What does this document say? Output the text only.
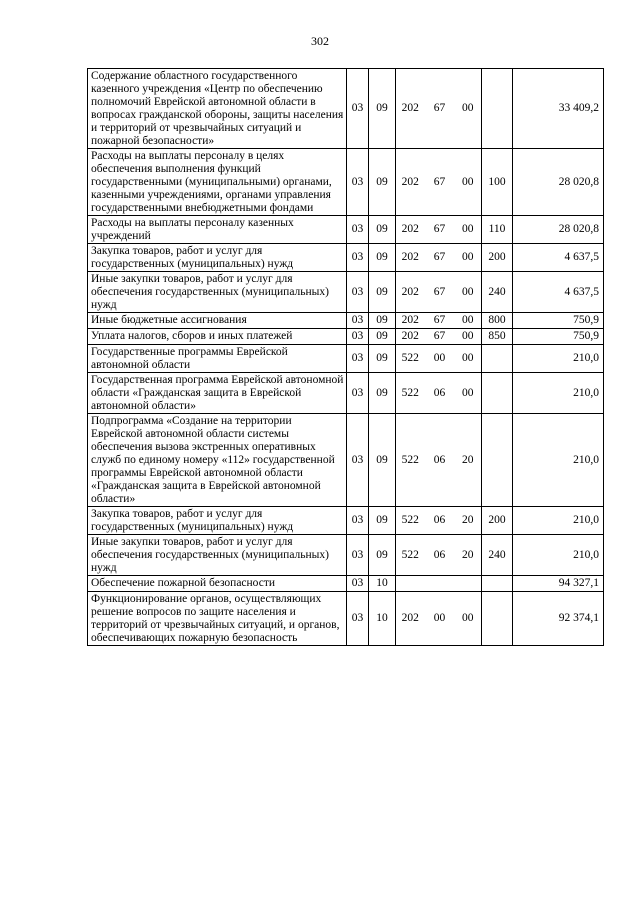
302
Содержание областного государственного казенного учреждения «Центр по обеспечению полномочий Еврейской автономной области в вопросах гражданской обороны, защиты населения и территорий от чрезвычайных ситуаций и пожарной безопасности»	03	09	202	67	00		33 409,2
Расходы на выплаты персоналу в целях обеспечения выполнения функций государственными (муниципальными) органами, казенными учреждениями, органами управления государственными внебюджетными фондами	03	09	202	67	00	100	28 020,8
Расходы на выплаты персоналу казенных учреждений	03	09	202	67	00	110	28 020,8
Закупка товаров, работ и услуг для государственных (муниципальных) нужд	03	09	202	67	00	200	4 637,5
Иные закупки товаров, работ и услуг для обеспечения государственных (муниципальных) нужд	03	09	202	67	00	240	4 637,5
Иные бюджетные ассигнования	03	09	202	67	00	800	750,9
Уплата налогов, сборов и иных платежей	03	09	202	67	00	850	750,9
Государственные программы Еврейской автономной области	03	09	522	00	00		210,0
Государственная программа Еврейской автономной области «Гражданская защита в Еврейской автономной области»	03	09	522	06	00		210,0
Подпрограмма «Создание на территории Еврейской автономной области системы обеспечения вызова экстренных оперативных служб по единому номеру «112» государственной программы Еврейской автономной области «Гражданская защита в Еврейской автономной области»	03	09	522	06	20		210,0
Закупка товаров, работ и услуг для государственных (муниципальных) нужд	03	09	522	06	20	200	210,0
Иные закупки товаров, работ и услуг для обеспечения государственных (муниципальных) нужд	03	09	522	06	20	240	210,0
Обеспечение пожарной безопасности	03	10					94 327,1
Функционирование органов, осуществляющих решение вопросов по защите населения и территорий от чрезвычайных ситуаций, и органов, обеспечивающих пожарную безопасность	03	10	202	00	00		92 374,1
